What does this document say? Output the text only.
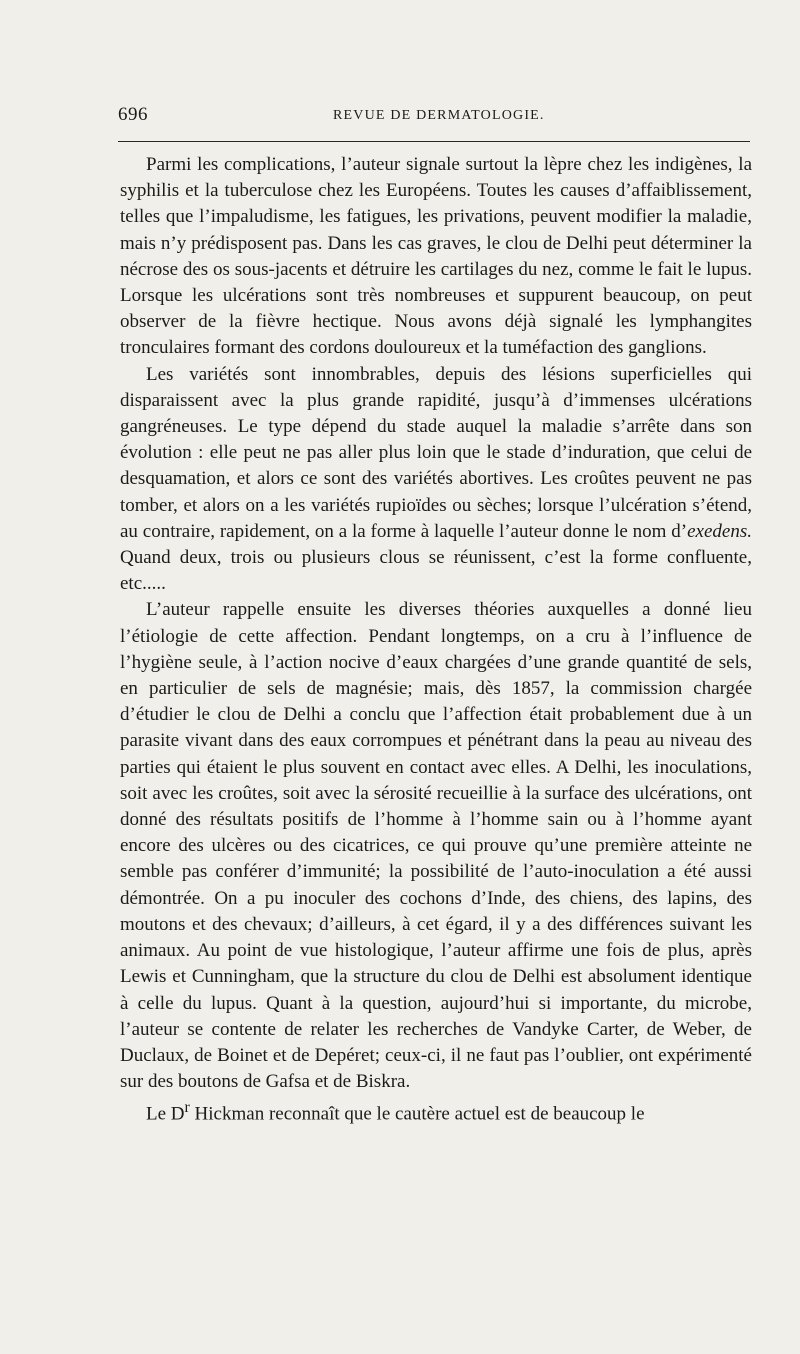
696	REVUE DE DERMATOLOGIE.

Parmi les complications, l’auteur signale surtout la lèpre chez les indigènes, la syphilis et la tuberculose chez les Européens. Toutes les causes d’affaiblissement, telles que l’impaludisme, les fatigues, les privations, peuvent modifier la maladie, mais n’y prédisposent pas. Dans les cas graves, le clou de Delhi peut déterminer la nécrose des os sous-jacents et détruire les cartilages du nez, comme le fait le lupus. Lorsque les ulcérations sont très nombreuses et suppurent beaucoup, on peut observer de la fièvre hectique. Nous avons déjà signalé les lymphangites tronculaires formant des cordons douloureux et la tuméfaction des ganglions.

Les variétés sont innombrables, depuis des lésions superficielles qui disparaissent avec la plus grande rapidité, jusqu’à d’immenses ulcérations gangréneuses. Le type dépend du stade auquel la maladie s’arrête dans son évolution : elle peut ne pas aller plus loin que le stade d’induration, que celui de desquamation, et alors ce sont des variétés abortives. Les croûtes peuvent ne pas tomber, et alors on a les variétés rupioïdes ou sèches; lorsque l’ulcération s’étend, au contraire, rapidement, on a la forme à laquelle l’auteur donne le nom d’exedens. Quand deux, trois ou plusieurs clous se réunissent, c’est la forme confluente, etc.....

L’auteur rappelle ensuite les diverses théories auxquelles a donné lieu l’étiologie de cette affection. Pendant longtemps, on a cru à l’influence de l’hygiène seule, à l’action nocive d’eaux chargées d’une grande quantité de sels, en particulier de sels de magnésie; mais, dès 1857, la commission chargée d’étudier le clou de Delhi a conclu que l’affection était probablement due à un parasite vivant dans des eaux corrompues et pénétrant dans la peau au niveau des parties qui étaient le plus souvent en contact avec elles. A Delhi, les inoculations, soit avec les croûtes, soit avec la sérosité recueillie à la surface des ulcérations, ont donné des résultats positifs de l’homme à l’homme sain ou à l’homme ayant encore des ulcères ou des cicatrices, ce qui prouve qu’une première atteinte ne semble pas conférer d’immunité; la possibilité de l’auto-inoculation a été aussi démontrée. On a pu inoculer des cochons d’Inde, des chiens, des lapins, des moutons et des chevaux; d’ailleurs, à cet égard, il y a des différences suivant les animaux. Au point de vue histologique, l’auteur affirme une fois de plus, après Lewis et Cunningham, que la structure du clou de Delhi est absolument identique à celle du lupus. Quant à la question, aujourd’hui si importante, du microbe, l’auteur se contente de relater les recherches de Vandyke Carter, de Weber, de Duclaux, de Boinet et de Depéret; ceux-ci, il ne faut pas l’oublier, ont expérimenté sur des boutons de Gafsa et de Biskra.

Le $D^r$ Hickman reconnaît que le cautère actuel est de beaucoup le
